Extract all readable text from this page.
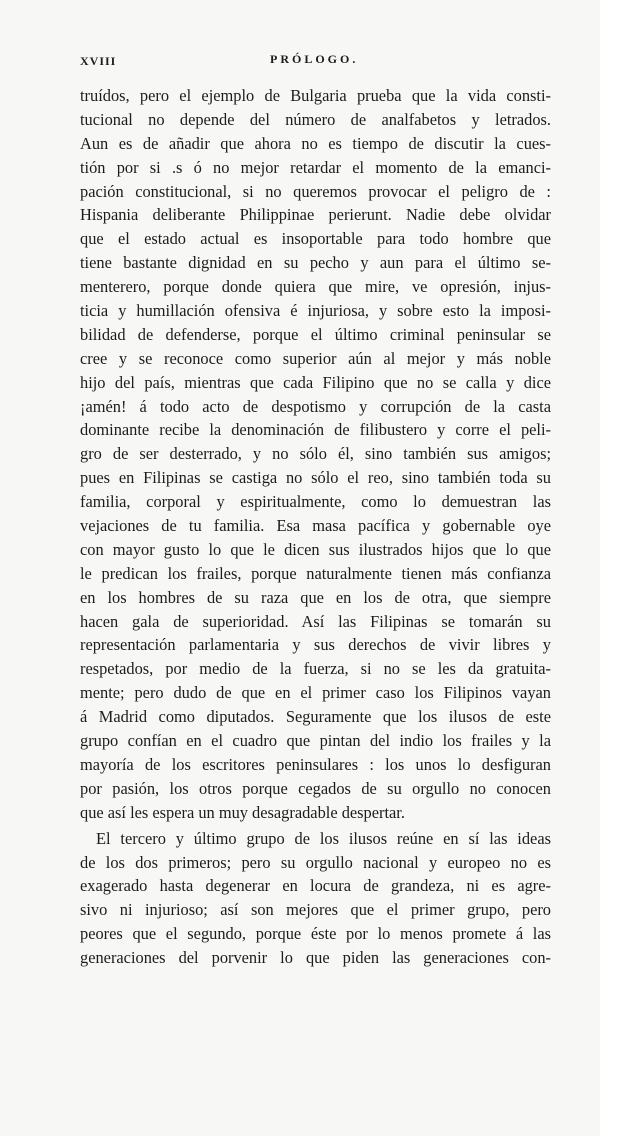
XVIII	PRÓLOGO.
truídos, pero el ejemplo de Bulgaria prueba que la vida consti-
tucional no depende del número de analfabetos y letrados.
Aun es de añadir que ahora no es tiempo de discutir la cues-
tión por si .s ó no mejor retardar el momento de la emanci-
pación constitucional, si no queremos provocar el peligro de :
Hispania deliberante Philippinae perierunt. Nadie debe olvidar
que el estado actual es insoportable para todo hombre que
tiene bastante dignidad en su pecho y aun para el último se-
menterero, porque donde quiera que mire, ve opresión, injus-
ticia y humillación ofensiva é injuriosa, y sobre esto la imposi-
bilidad de defenderse, porque el último criminal peninsular se
cree y se reconoce como superior aún al mejor y más noble
hijo del país, mientras que cada Filipino que no se calla y dice
¡amén! á todo acto de despotismo y corrupción de la casta
dominante recibe la denominación de filibustero y corre el peli-
gro de ser desterrado, y no sólo él, sino también sus amigos;
pues en Filipinas se castiga no sólo el reo, sino también toda su
familia, corporal y espiritualmente, como lo demuestran las
vejaciones de tu familia. Esa masa pacífica y gobernable oye
con mayor gusto lo que le dicen sus ilustrados hijos que lo que
le predican los frailes, porque naturalmente tienen más confianza
en los hombres de su raza que en los de otra, que siempre
hacen gala de superioridad. Así las Filipinas se tomarán su
representación parlamentaria y sus derechos de vivir libres y
respetados, por medio de la fuerza, si no se les da gratuita-
mente; pero dudo de que en el primer caso los Filipinos vayan
á Madrid como diputados. Seguramente que los ilusos de este
grupo confían en el cuadro que pintan del indio los frailes y la
mayoría de los escritores peninsulares : los unos lo desfiguran
por pasión, los otros porque cegados de su orgullo no conocen
que así les espera un muy desagradable despertar.
El tercero y último grupo de los ilusos reúne en sí las ideas
de los dos primeros; pero su orgullo nacional y europeo no es
exagerado hasta degenerar en locura de grandeza, ni es agre-
sivo ni injurioso; así son mejores que el primer grupo, pero
peores que el segundo, porque éste por lo menos promete á las
generaciones del porvenir lo que piden las generaciones con-
